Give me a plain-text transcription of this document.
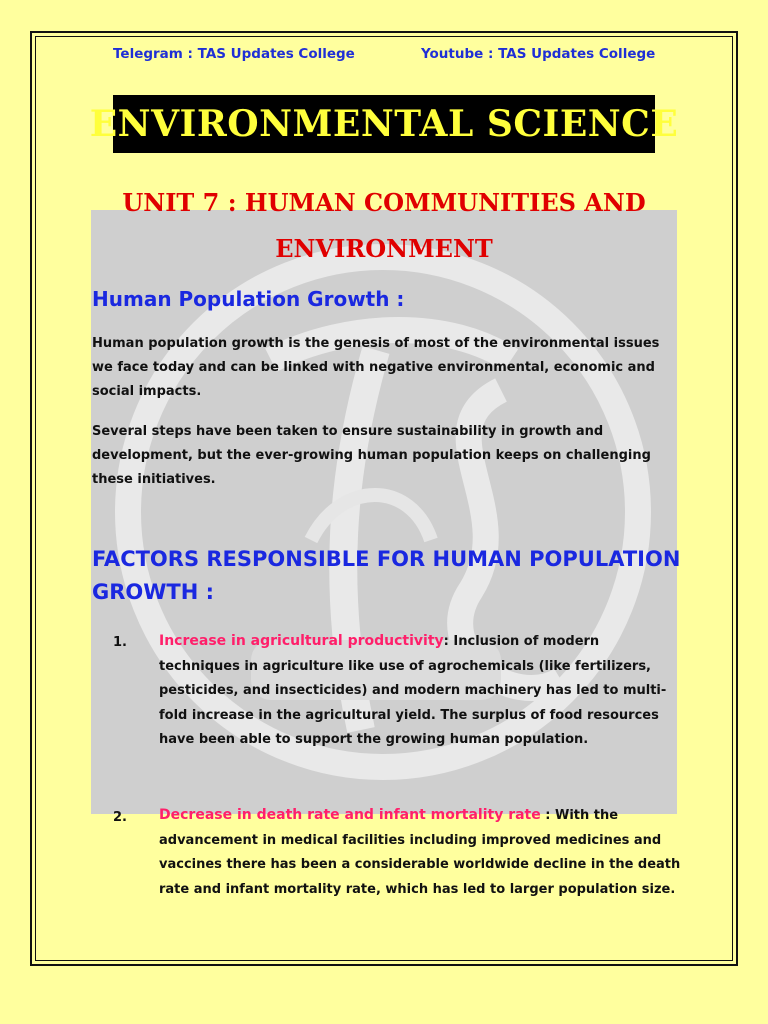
Telegram : TAS Updates College	Youtube : TAS Updates College
ENVIRONMENTAL SCIENCE
UNIT 7 : HUMAN COMMUNITIES AND
ENVIRONMENT
Human Population Growth :
Human population growth is the genesis of most of the environmental issues we face today and can be linked with negative environmental, economic and social impacts.
Several steps have been taken to ensure sustainability in growth and development, but the ever-growing human population keeps on challenging these initiatives.
FACTORS RESPONSIBLE FOR HUMAN POPULATION
GROWTH :
1. Increase in agricultural productivity: Inclusion of modern techniques in agriculture like use of agrochemicals (like fertilizers, pesticides, and insecticides) and modern machinery has led to multi-fold increase in the agricultural yield. The surplus of food resources have been able to support the growing human population.
2. Decrease in death rate and infant mortality rate : With the advancement in medical facilities including improved medicines and vaccines there has been a considerable worldwide decline in the death rate and infant mortality rate, which has led to larger population size.
